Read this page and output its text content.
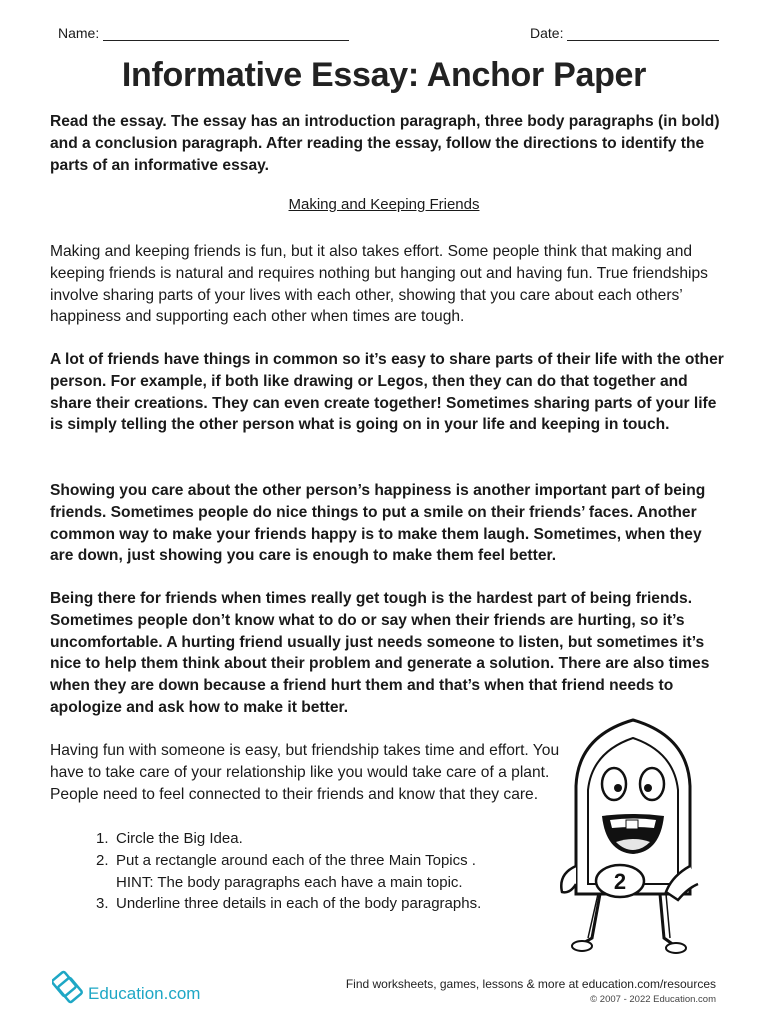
Name:	Date:
Informative Essay: Anchor Paper

Read the essay. The essay has an introduction paragraph, three body paragraphs (in bold) and a conclusion paragraph. After reading the essay, follow the directions to identify the parts of an informative essay.

Making and Keeping Friends

Making and keeping friends is fun, but it also takes effort. Some people think that making and keeping friends is natural and requires nothing but hanging out and having fun. True friendships involve sharing parts of your lives with each other, showing that you care about each others’ happiness and supporting each other when times are tough.

A lot of friends have things in common so it’s easy to share parts of their life with the other person. For example, if both like drawing or Legos, then they can do that together and share their creations. They can even create together! Sometimes sharing parts of your life is simply telling the other person what is going on in your life and keeping in touch.

Showing you care about the other person’s happiness is another important part of being friends. Sometimes people do nice things to put a smile on their friends’ faces. Another common way to make your friends happy is to make them laugh. Sometimes, when they are down, just showing you care is enough to make them feel better.

Being there for friends when times really get tough is the hardest part of being friends. Sometimes people don’t know what to do or say when their friends are hurting, so it’s uncomfortable. A hurting friend usually just needs someone to listen, but sometimes it’s nice to help them think about their problem and generate a solution. There are also times when they are down because a friend hurt them and that’s when that friend needs to apologize and ask how to make it better.

Having fun with someone is easy, but friendship takes time and effort. You have to take care of your relationship like you would take care of a plant. People need to feel connected to their friends and know that they care.

1. Circle the Big Idea.
2. Put a rectangle around each of the three Main Topics .
HINT: The body paragraphs each have a main topic.
3. Underline three details in each of the body paragraphs.
2
Education.com	Find worksheets, games, lessons & more at education.com/resources
© 2007 - 2022 Education.com
